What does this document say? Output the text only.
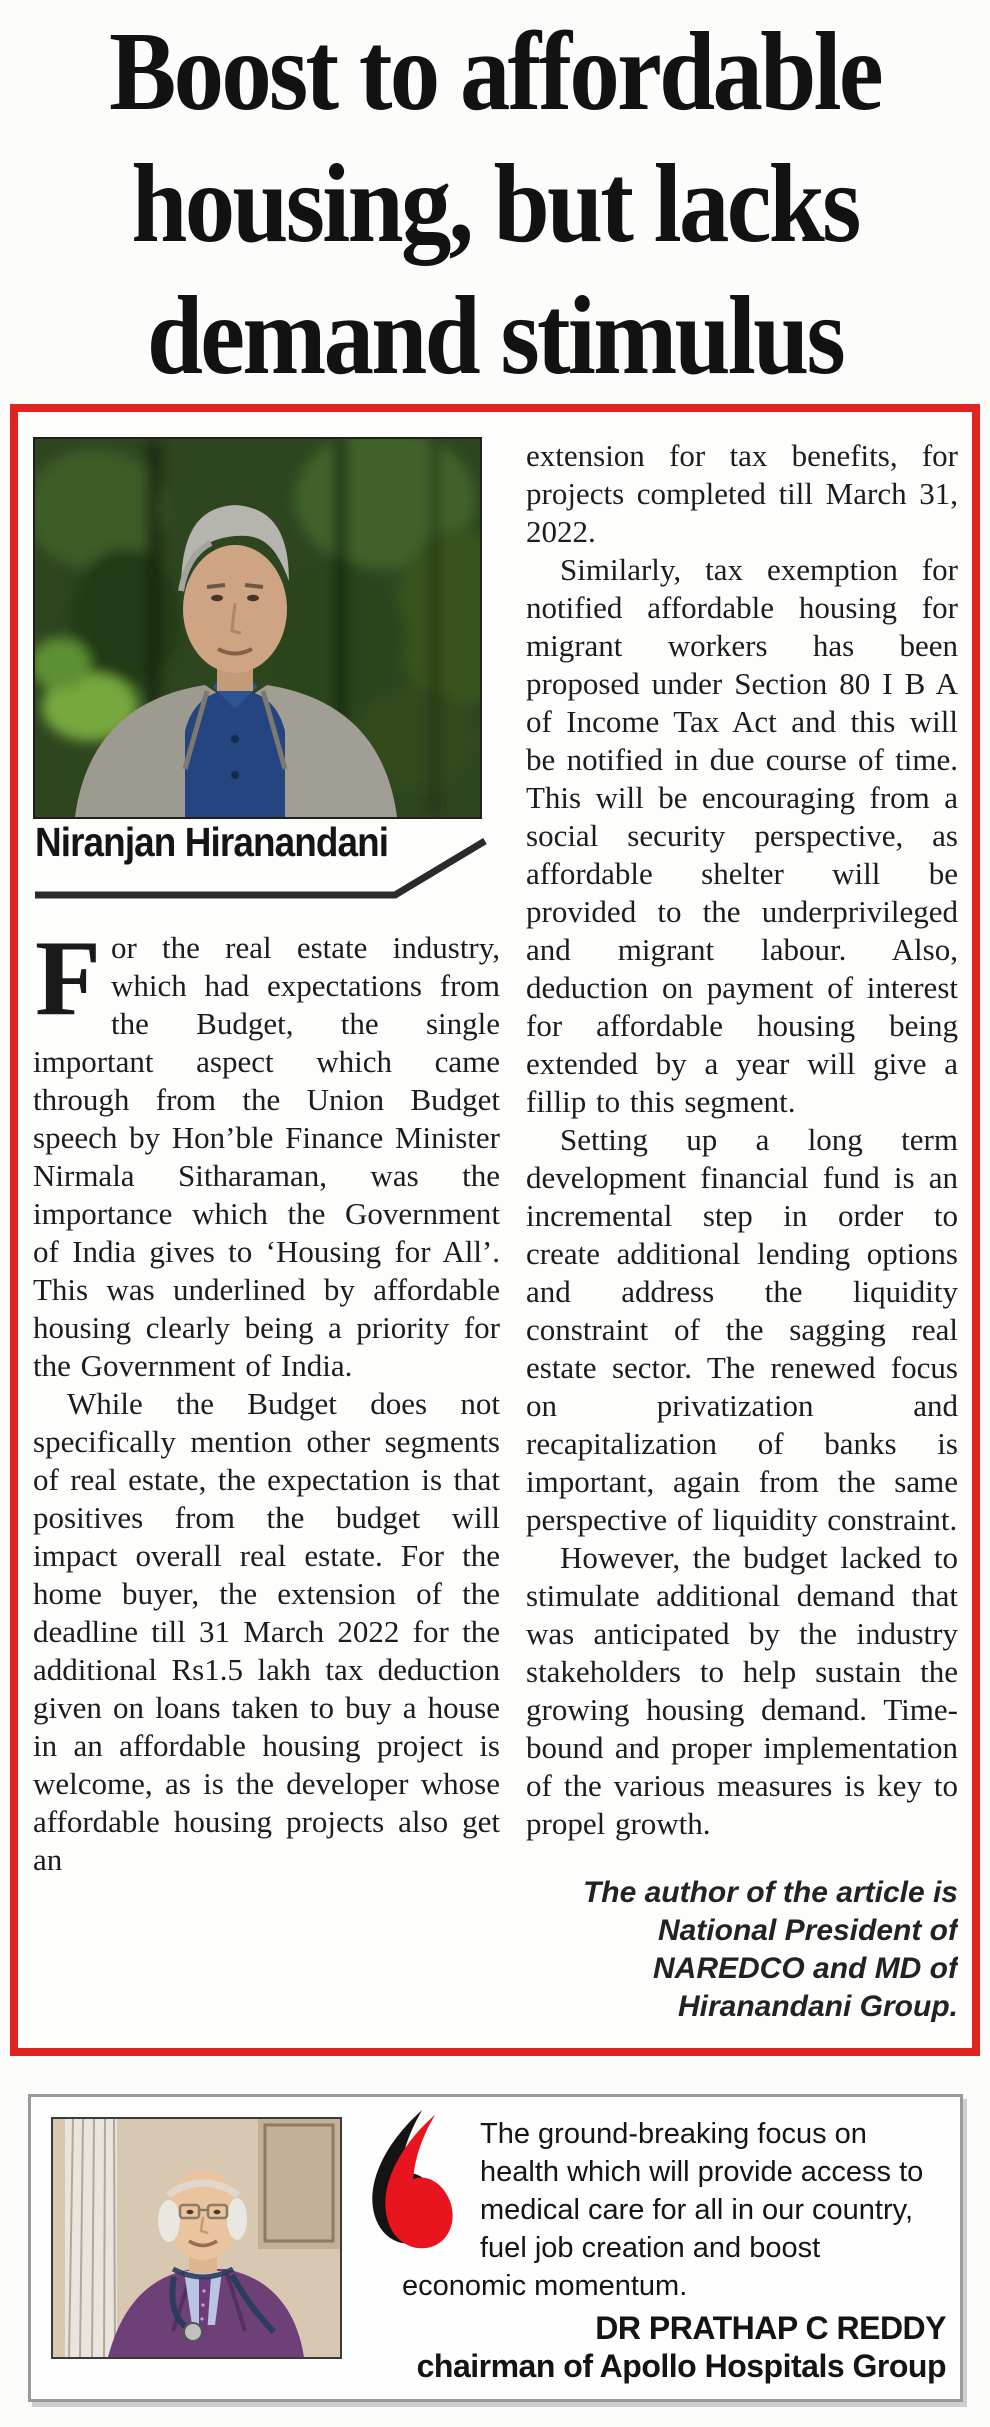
Boost to affordable
housing, but lacks
demand stimulus
Niranjan Hiranandani

For the real estate industry, which had expectations from the Budget, the single important aspect which came through from the Union Budget speech by Hon’ble Finance Minister Nirmala Sitharaman, was the importance which the Government of India gives to ‘Housing for All’. This was underlined by affordable housing clearly being a priority for the Government of India.

While the Budget does not specifically mention other segments of real estate, the expectation is that positives from the budget will impact overall real estate. For the home buyer, the extension of the deadline till 31 March 2022 for the additional Rs1.5 lakh tax deduction given on loans taken to buy a house in an affordable housing project is welcome, as is the developer whose affordable housing projects also get an

extension for tax benefits, for projects completed till March 31, 2022.

Similarly, tax exemption for notified affordable housing for migrant workers has been proposed under Section 80 I B A of Income Tax Act and this will be notified in due course of time. This will be encouraging from a social security perspective, as affordable shelter will be provided to the underprivileged and migrant labour. Also, deduction on payment of interest for affordable housing being extended by a year will give a fillip to this segment.

Setting up a long term development financial fund is an incremental step in order to create additional lending options and address the liquidity constraint of the sagging real estate sector. The renewed focus on privatization and recapitalization of banks is important, again from the same perspective of liquidity constraint.

However, the budget lacked to stimulate additional demand that was anticipated by the industry stakeholders to help sustain the growing housing demand. Time-bound and proper implementation of the various measures is key to propel growth.

The author of the article is National President of NAREDCO and MD of Hiranandani Group.

The ground-breaking focus on health which will provide access to medical care for all in our country, fuel job creation and boost economic momentum.

DR PRATHAP C REDDY

chairman of Apollo Hospitals Group
